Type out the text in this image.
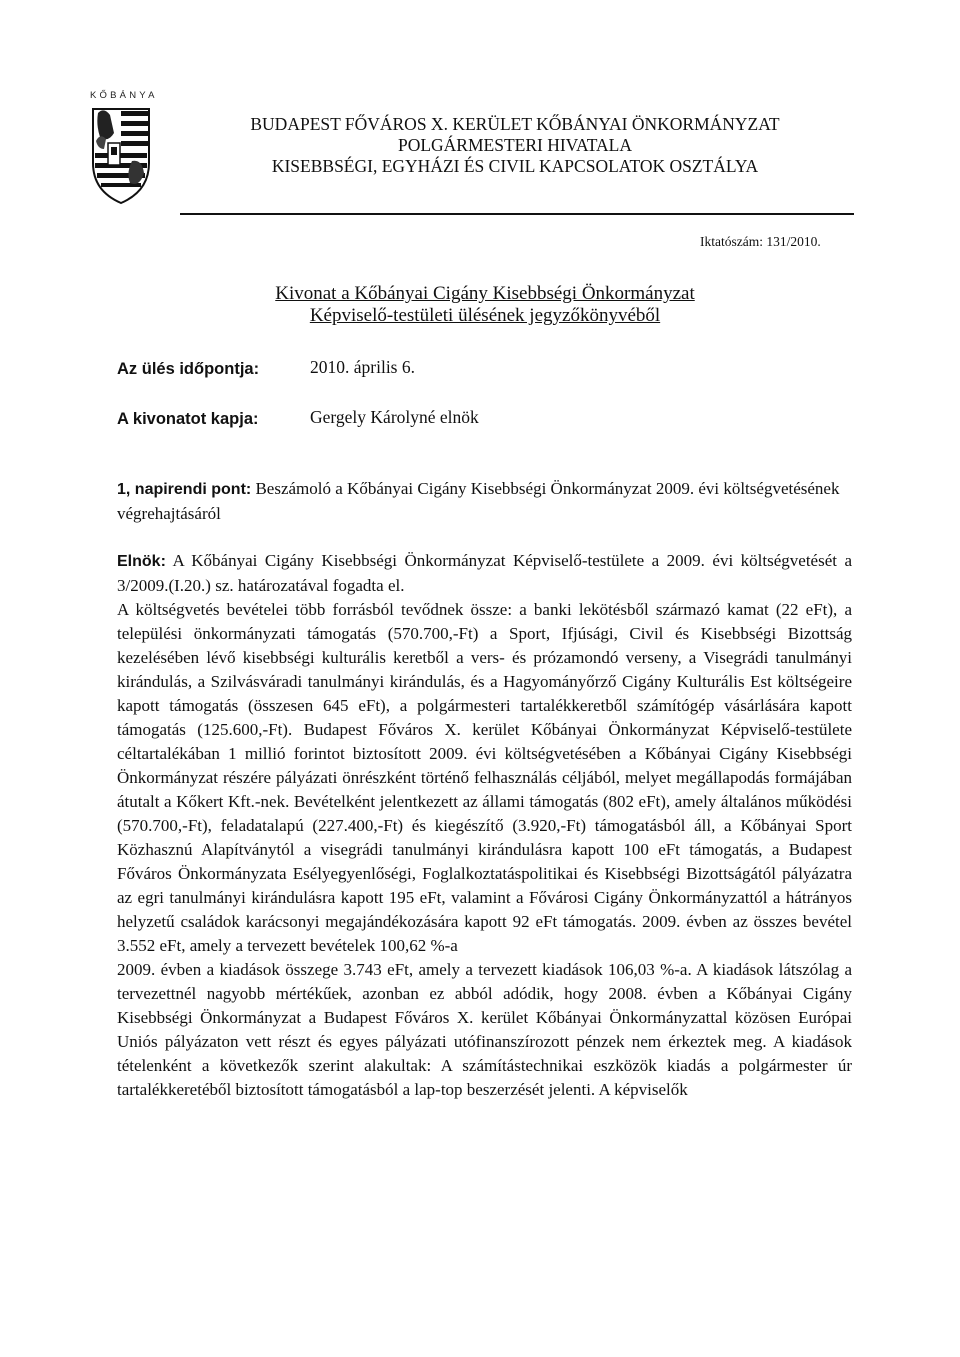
KŐBÁNYA
BUDAPEST FŐVÁROS X. KERÜLET KŐBÁNYAI ÖNKORMÁNYZAT
POLGÁRMESTERI HIVATALA
KISEBBSÉGI, EGYHÁZI ÉS CIVIL KAPCSOLATOK OSZTÁLYA
Iktatószám: 131/2010.
Kivonat a Kőbányai Cigány Kisebbségi Önkormányzat
Képviselő-testületi ülésének jegyzőkönyvéből
Az ülés időpontja:	2010. április 6.
A kivonatot kapja:	Gergely Károlyné elnök
1, napirendi pont: Beszámoló a Kőbányai Cigány Kisebbségi Önkormányzat 2009. évi költségvetésének végrehajtásáról
Elnök: A Kőbányai Cigány Kisebbségi Önkormányzat Képviselő-testülete a 2009. évi költségvetését a 3/2009.(I.20.) sz. határozatával fogadta el.
A költségvetés bevételei több forrásból tevődnek össze: a banki lekötésből származó kamat (22 eFt), a települési önkormányzati támogatás (570.700,-Ft) a Sport, Ifjúsági, Civil és Kisebbségi Bizottság kezelésében lévő kisebbségi kulturális keretből a vers- és prózamondó verseny, a Visegrádi tanulmányi kirándulás, a Szilvásváradi tanulmányi kirándulás, és a Hagyományőrző Cigány Kulturális Est költségeire kapott támogatás (összesen 645 eFt), a polgármesteri tartalékkeretből számítógép vásárlására kapott támogatás (125.600,-Ft). Budapest Főváros X. kerület Kőbányai Önkormányzat Képviselő-testülete céltartalékában 1 millió forintot biztosított 2009. évi költségvetésében a Kőbányai Cigány Kisebbségi Önkormányzat részére pályázati önrészként történő felhasználás céljából, melyet megállapodás formájában átutalt a Kőkert Kft.-nek. Bevételként jelentkezett az állami támogatás (802 eFt), amely általános működési (570.700,-Ft), feladatalapú (227.400,-Ft) és kiegészítő (3.920,-Ft) támogatásból áll, a Kőbányai Sport Közhasznú Alapítványtól a visegrádi tanulmányi kirándulásra kapott 100 eFt támogatás, a Budapest Főváros Önkormányzata Esélyegyenlőségi, Foglalkoztatáspolitikai és Kisebbségi Bizottságától pályázatra az egri tanulmányi kirándulásra kapott 195 eFt, valamint a Fővárosi Cigány Önkormányzattól a hátrányos helyzetű családok karácsonyi megajándékozására kapott 92 eFt támogatás. 2009. évben az összes bevétel 3.552 eFt, amely a tervezett bevételek 100,62 %-a
2009. évben a kiadások összege 3.743 eFt, amely a tervezett kiadások 106,03 %-a. A kiadások látszólag a tervezettnél nagyobb mértékűek, azonban ez abból adódik, hogy 2008. évben a Kőbányai Cigány Kisebbségi Önkormányzat a Budapest Főváros X. kerület Kőbányai Önkormányzattal közösen Európai Uniós pályázaton vett részt és egyes pályázati utófinanszírozott pénzek nem érkeztek meg. A kiadások tételenként a következők szerint alakultak: A számítástechnikai eszközök kiadás a polgármester úr tartalékkeretéből biztosított támogatásból a lap-top beszerzését jelenti. A képviselők
